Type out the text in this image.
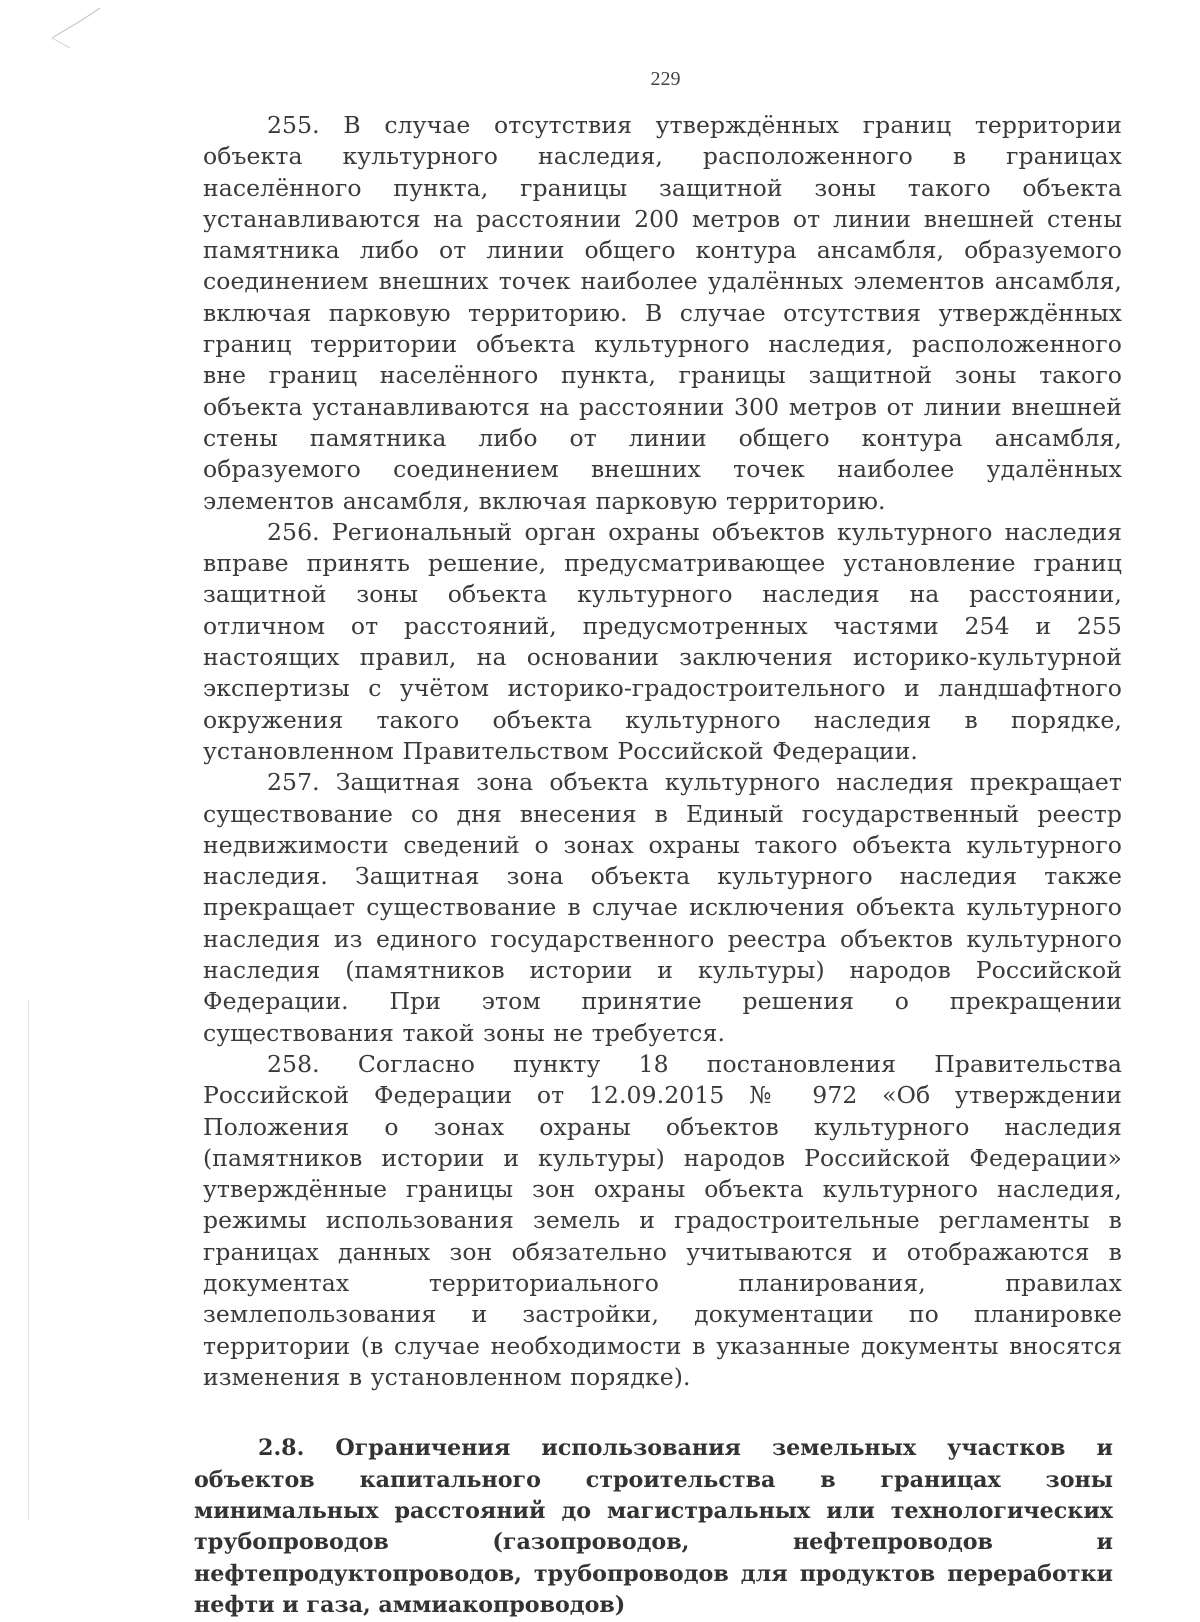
229

255. В случае отсутствия утверждённых границ территории объекта культурного наследия, расположенного в границах населённого пункта, границы защитной зоны такого объекта устанавливаются на расстоянии 200 метров от линии внешней стены памятника либо от линии общего контура ансамбля, образуемого соединением внешних точек наиболее удалённых элементов ансамбля, включая парковую территорию. В случае отсутствия утверждённых границ территории объекта культурного наследия, расположенного вне границ населённого пункта, границы защитной зоны такого объекта устанавливаются на расстоянии 300 метров от линии внешней стены памятника либо от линии общего контура ансамбля, образуемого соединением внешних точек наиболее удалённых элементов ансамбля, включая парковую территорию.

256. Региональный орган охраны объектов культурного наследия вправе принять решение, предусматривающее установление границ защитной зоны объекта культурного наследия на расстоянии, отличном от расстояний, предусмотренных частями 254 и 255 настоящих правил, на основании заключения историко-культурной экспертизы с учётом историко-градостроительного и ландшафтного окружения такого объекта культурного наследия в порядке, установленном Правительством Российской Федерации.

257. Защитная зона объекта культурного наследия прекращает существование со дня внесения в Единый государственный реестр недвижимости сведений о зонах охраны такого объекта культурного наследия. Защитная зона объекта культурного наследия также прекращает существование в случае исключения объекта культурного наследия из единого государственного реестра объектов культурного наследия (памятников истории и культуры) народов Российской Федерации. При этом принятие решения о прекращении существования такой зоны не требуется.

258. Согласно пункту 18 постановления Правительства Российской Федерации от 12.09.2015 № 972 «Об утверждении Положения о зонах охраны объектов культурного наследия (памятников истории и культуры) народов Российской Федерации» утверждённые границы зон охраны объекта культурного наследия, режимы использования земель и градостроительные регламенты в границах данных зон обязательно учитываются и отображаются в документах территориального планирования, правилах землепользования и застройки, документации по планировке территории (в случае необходимости в указанные документы вносятся изменения в установленном порядке).

2.8. Ограничения использования земельных участков и объектов капитального строительства в границах зоны минимальных расстояний до магистральных или технологических трубопроводов (газопроводов, нефтепроводов и нефтепродуктопроводов, трубопроводов для продуктов переработки нефти и газа, аммиакопроводов)
